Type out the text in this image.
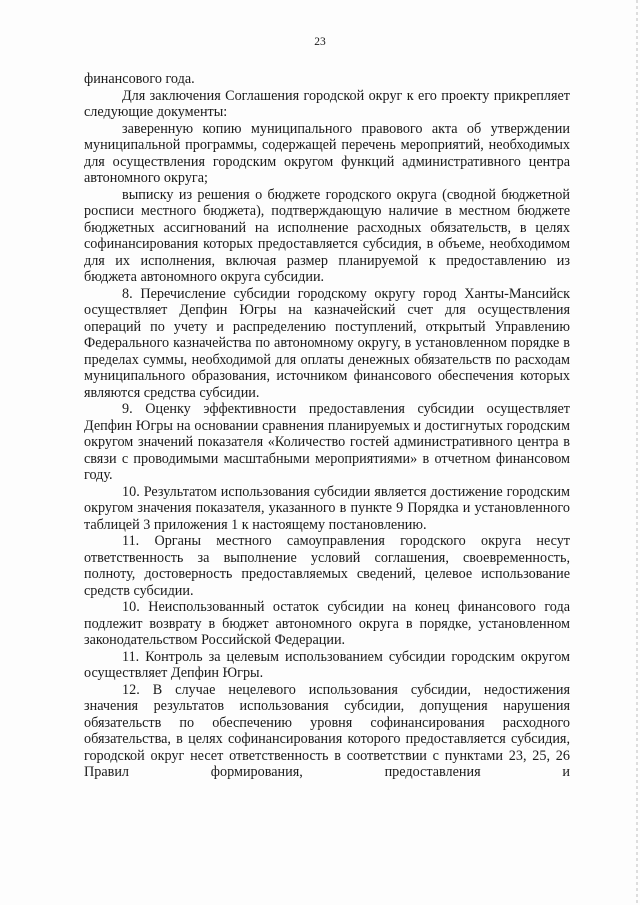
23

финансового года.

Для заключения Соглашения городской округ к его проекту прикрепляет следующие документы:

заверенную копию муниципального правового акта об утверждении муниципальной программы, содержащей перечень мероприятий, необходимых для осуществления городским округом функций административного центра автономного округа;

выписку из решения о бюджете городского округа (сводной бюджетной росписи местного бюджета), подтверждающую наличие в местном бюджете бюджетных ассигнований на исполнение расходных обязательств, в целях софинансирования которых предоставляется субсидия, в объеме, необходимом для их исполнения, включая размер планируемой к предоставлению из бюджета автономного округа субсидии.

8. Перечисление субсидии городскому округу город Ханты-Мансийск осуществляет Депфин Югры на казначейский счет для осуществления операций по учету и распределению поступлений, открытый Управлению Федерального казначейства по автономному округу, в установленном порядке в пределах суммы, необходимой для оплаты денежных обязательств по расходам муниципального образования, источником финансового обеспечения которых являются средства субсидии.

9. Оценку эффективности предоставления субсидии осуществляет Депфин Югры на основании сравнения планируемых и достигнутых городским округом значений показателя «Количество гостей административного центра в связи с проводимыми масштабными мероприятиями» в отчетном финансовом году.

10. Результатом использования субсидии является достижение городским округом значения показателя, указанного в пункте 9 Порядка и установленного таблицей 3 приложения 1 к настоящему постановлению.

11. Органы местного самоуправления городского округа несут ответственность за выполнение условий соглашения, своевременность, полноту, достоверность предоставляемых сведений, целевое использование средств субсидии.

10. Неиспользованный остаток субсидии на конец финансового года подлежит возврату в бюджет автономного округа в порядке, установленном законодательством Российской Федерации.

11. Контроль за целевым использованием субсидии городским округом осуществляет Депфин Югры.

12. В случае нецелевого использования субсидии, недостижения значения результатов использования субсидии, допущения нарушения обязательств по обеспечению уровня софинансирования расходного обязательства, в целях софинансирования которого предоставляется субсидия, городской округ несет ответственность в соответствии с пунктами 23, 25, 26 Правил формирования, предоставления и
